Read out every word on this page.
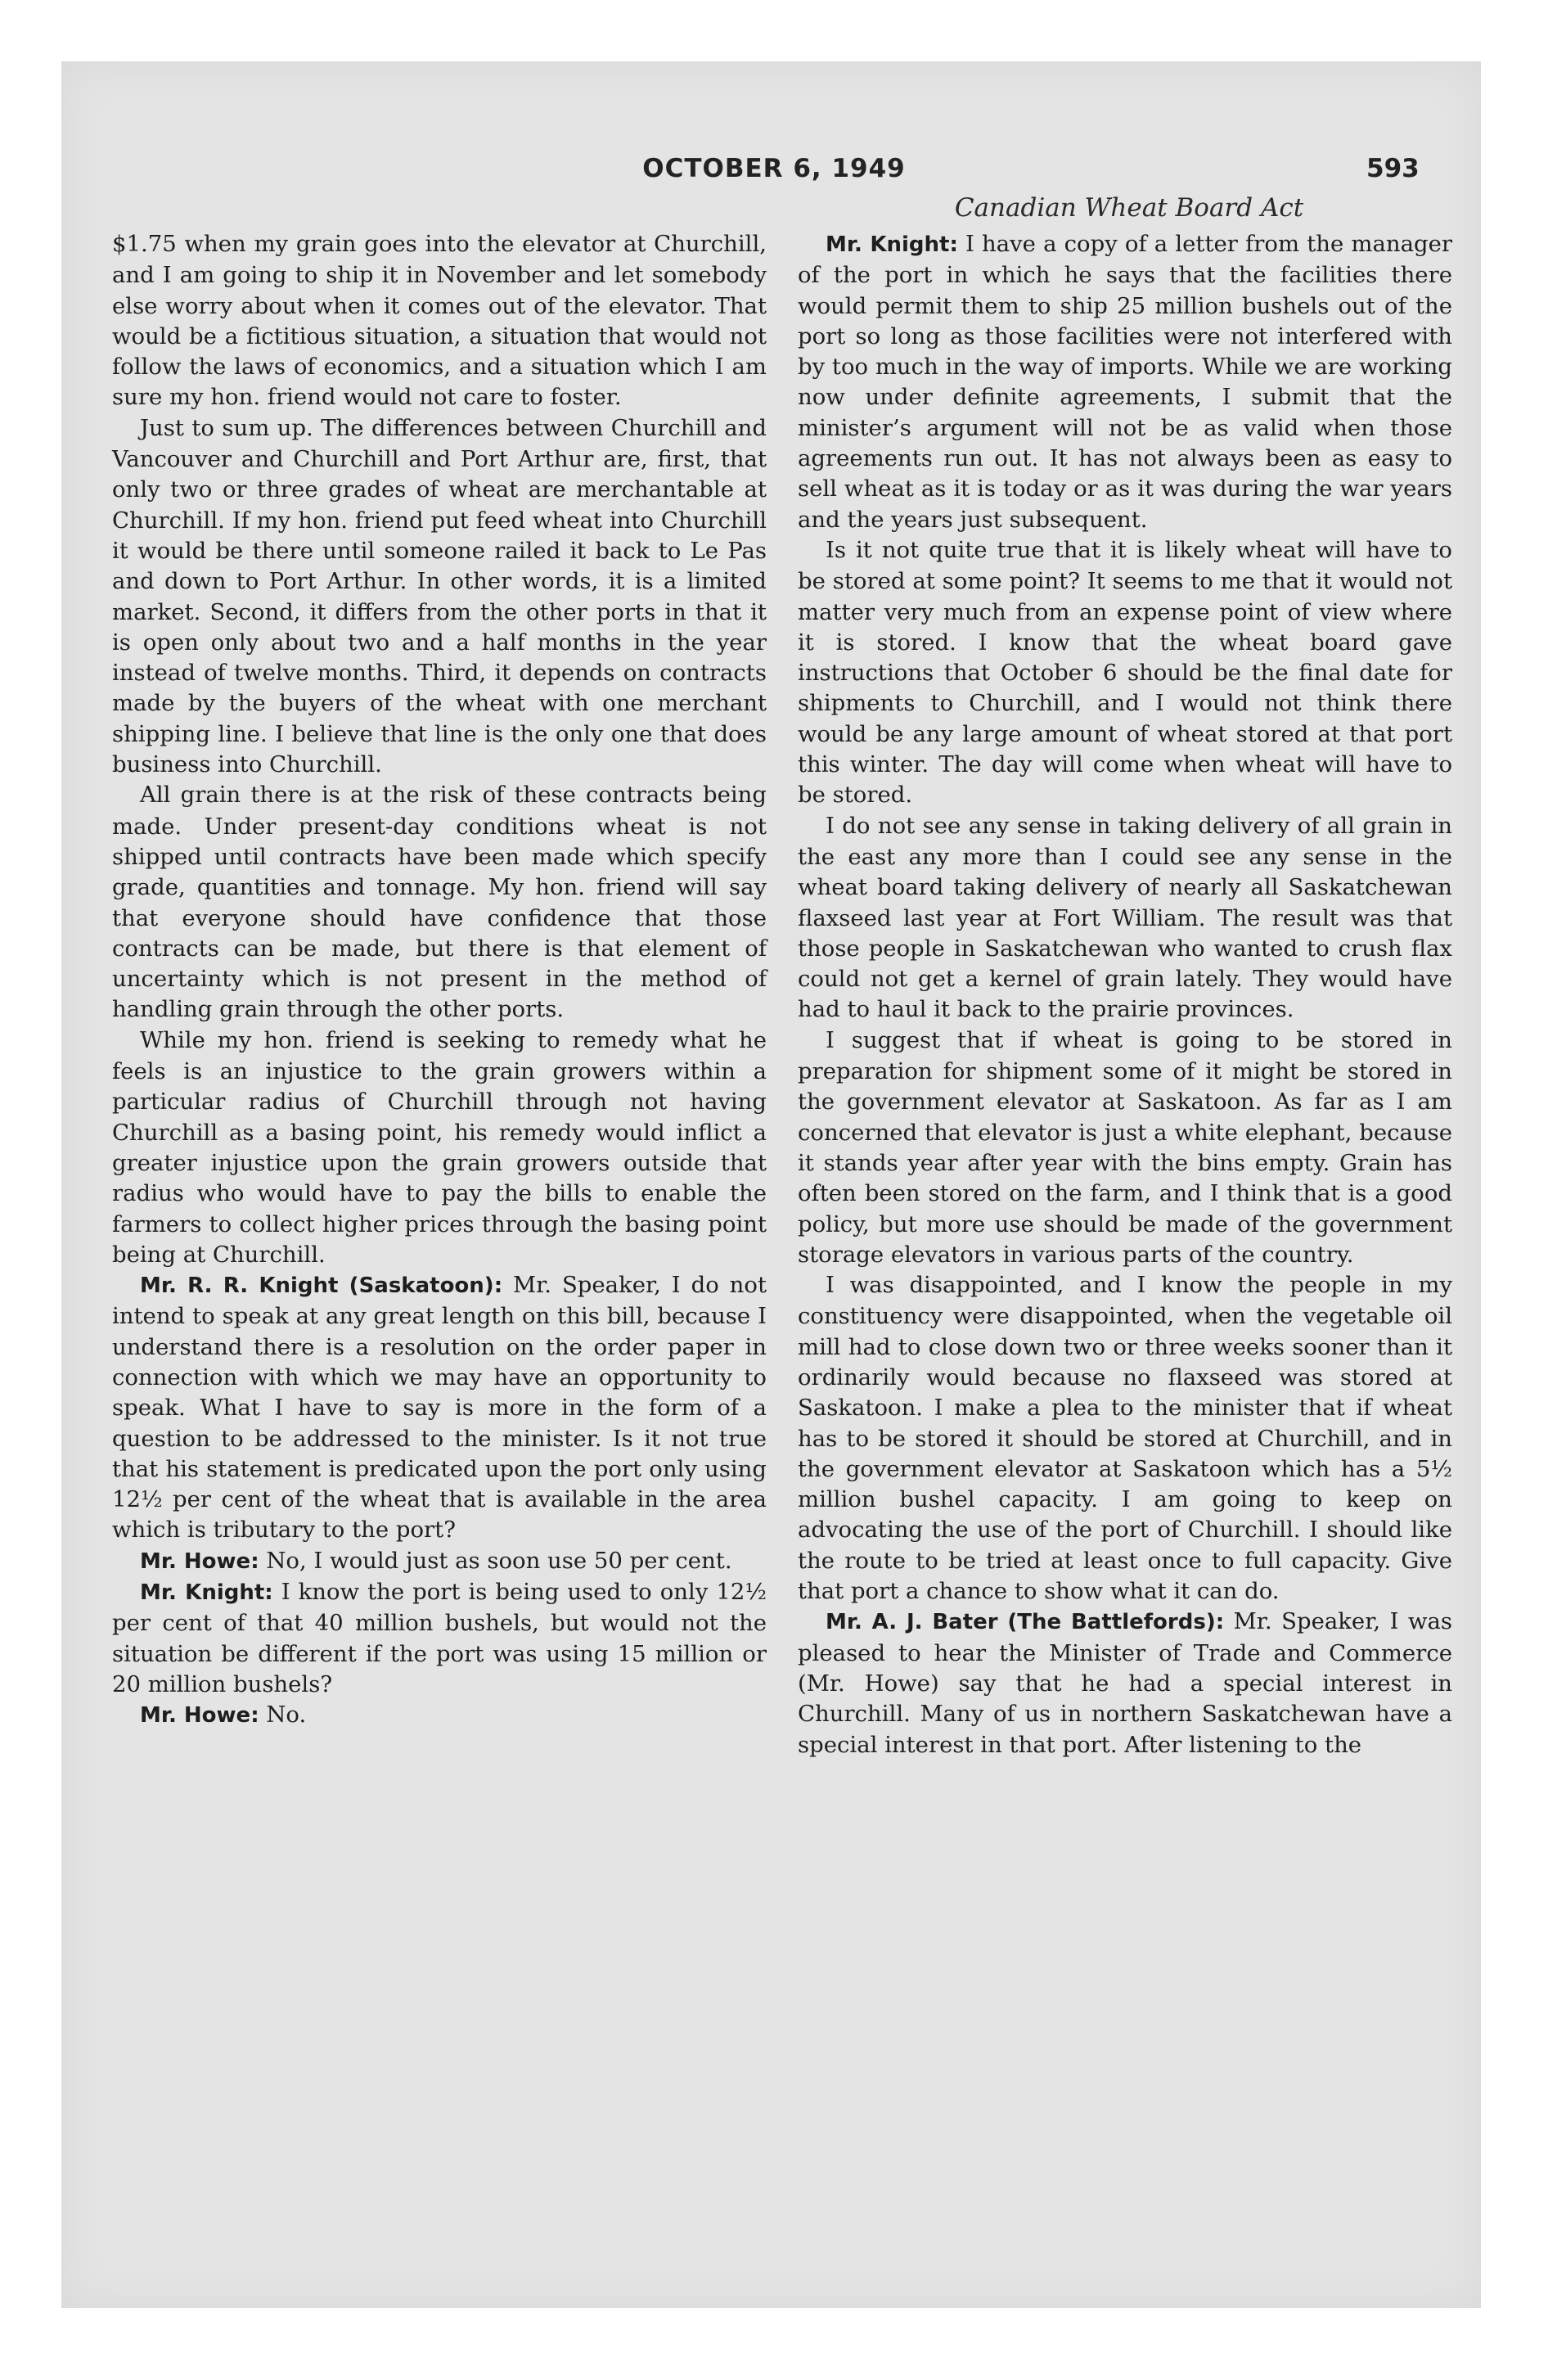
OCTOBER 6, 1949	593
Canadian Wheat Board Act

$1.75 when my grain goes into the elevator at Churchill, and I am going to ship it in November and let somebody else worry about when it comes out of the elevator. That would be a fictitious situation, a situation that would not follow the laws of economics, and a situation which I am sure my hon. friend would not care to foster.

Just to sum up. The differences between Churchill and Vancouver and Churchill and Port Arthur are, first, that only two or three grades of wheat are merchantable at Churchill. If my hon. friend put feed wheat into Churchill it would be there until someone railed it back to Le Pas and down to Port Arthur. In other words, it is a limited market. Second, it differs from the other ports in that it is open only about two and a half months in the year instead of twelve months. Third, it depends on contracts made by the buyers of the wheat with one merchant shipping line. I believe that line is the only one that does business into Churchill.

All grain there is at the risk of these contracts being made. Under present-day conditions wheat is not shipped until contracts have been made which specify grade, quantities and tonnage. My hon. friend will say that everyone should have confidence that those contracts can be made, but there is that element of uncertainty which is not present in the method of handling grain through the other ports.

While my hon. friend is seeking to remedy what he feels is an injustice to the grain growers within a particular radius of Churchill through not having Churchill as a basing point, his remedy would inflict a greater injustice upon the grain growers outside that radius who would have to pay the bills to enable the farmers to collect higher prices through the basing point being at Churchill.

Mr. R. R. Knight (Saskatoon): Mr. Speaker, I do not intend to speak at any great length on this bill, because I understand there is a resolution on the order paper in connection with which we may have an opportunity to speak. What I have to say is more in the form of a question to be addressed to the minister. Is it not true that his statement is predicated upon the port only using 12½ per cent of the wheat that is available in the area which is tributary to the port?

Mr. Howe: No, I would just as soon use 50 per cent.

Mr. Knight: I know the port is being used to only 12½ per cent of that 40 million bushels, but would not the situation be different if the port was using 15 million or 20 million bushels?

Mr. Howe: No.

Mr. Knight: I have a copy of a letter from the manager of the port in which he says that the facilities there would permit them to ship 25 million bushels out of the port so long as those facilities were not interfered with by too much in the way of imports. While we are working now under definite agreements, I submit that the minister’s argument will not be as valid when those agreements run out. It has not always been as easy to sell wheat as it is today or as it was during the war years and the years just subsequent.

Is it not quite true that it is likely wheat will have to be stored at some point? It seems to me that it would not matter very much from an expense point of view where it is stored. I know that the wheat board gave instructions that October 6 should be the final date for shipments to Churchill, and I would not think there would be any large amount of wheat stored at that port this winter. The day will come when wheat will have to be stored.

I do not see any sense in taking delivery of all grain in the east any more than I could see any sense in the wheat board taking delivery of nearly all Saskatchewan flaxseed last year at Fort William. The result was that those people in Saskatchewan who wanted to crush flax could not get a kernel of grain lately. They would have had to haul it back to the prairie provinces.

I suggest that if wheat is going to be stored in preparation for shipment some of it might be stored in the government elevator at Saskatoon. As far as I am concerned that elevator is just a white elephant, because it stands year after year with the bins empty. Grain has often been stored on the farm, and I think that is a good policy, but more use should be made of the government storage elevators in various parts of the country.

I was disappointed, and I know the people in my constituency were disappointed, when the vegetable oil mill had to close down two or three weeks sooner than it ordinarily would because no flaxseed was stored at Saskatoon. I make a plea to the minister that if wheat has to be stored it should be stored at Churchill, and in the government elevator at Saskatoon which has a 5½ million bushel capacity. I am going to keep on advocating the use of the port of Churchill. I should like the route to be tried at least once to full capacity. Give that port a chance to show what it can do.

Mr. A. J. Bater (The Battlefords): Mr. Speaker, I was pleased to hear the Minister of Trade and Commerce (Mr. Howe) say that he had a special interest in Churchill. Many of us in northern Saskatchewan have a special interest in that port. After listening to the
